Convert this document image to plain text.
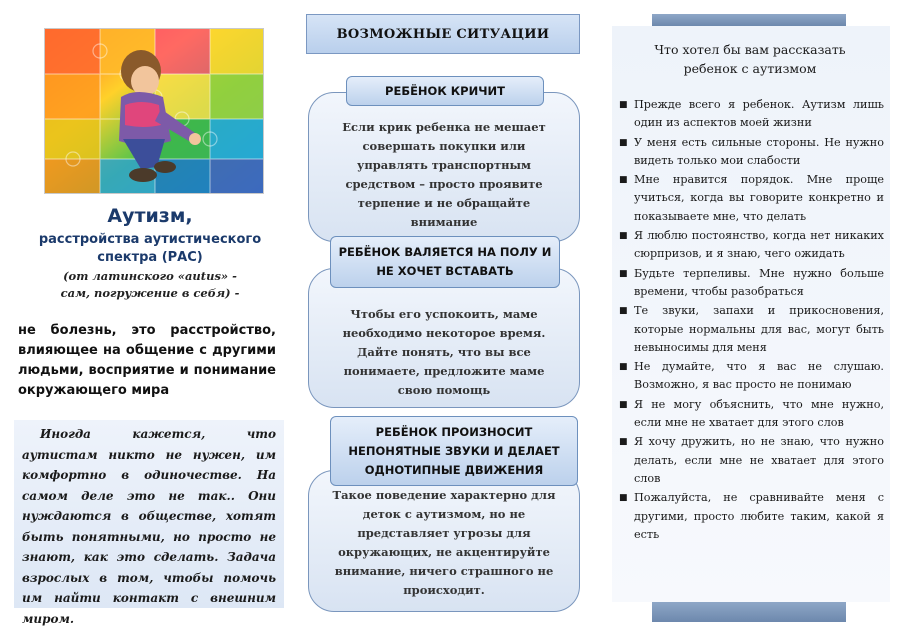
Аутизм,
расстройства аутистического
спектра (РАС)
(от латинского «autus» -
сам, погружение в себя) -
не болезнь, это расстройство, влияющее на общение с другими людьми, восприятие и понимание окружающего мира
Иногда кажется, что аутистам никто не нужен, им комфортно в одиночестве. На самом деле это не так.. Они нуждаются в обществе, хотят быть понятными, но просто не знают, как это сделать. Задача взрослых в том, чтобы помочь им найти контакт с внешним миром.
ВОЗМОЖНЫЕ СИТУАЦИИ
Если крик ребенка не мешает совершать покупки или управлять транспортным средством – просто проявите терпение и не обращайте внимание
РЕБЁНОК КРИЧИТ
Чтобы его успокоить, маме необходимо некоторое время. Дайте понять, что вы все понимаете, предложите маме свою помощь
РЕБЁНОК ВАЛЯЕТСЯ НА ПОЛУ И НЕ ХОЧЕТ ВСТАВАТЬ
Такое поведение характерно для деток с аутизмом, но не представляет угрозы для окружающих, не акцентируйте внимание, ничего страшного не происходит.
РЕБЁНОК ПРОИЗНОСИТ НЕПОНЯТНЫЕ ЗВУКИ И ДЕЛАЕТ ОДНОТИПНЫЕ ДВИЖЕНИЯ
Что хотел бы вам рассказать ребенок с аутизмом
■ Прежде всего я ребенок. Аутизм лишь один из аспектов моей жизни
■ У меня есть сильные стороны. Не нужно видеть только мои слабости
■ Мне нравится порядок. Мне проще учиться, когда вы говорите конкретно и показываете мне, что делать
■ Я люблю постоянство, когда нет никаких сюрпризов, и я знаю, чего ожидать
■ Будьте терпеливы. Мне нужно больше времени, чтобы разобраться
■ Те звуки, запахи и прикосновения, которые нормальны для вас, могут быть невыносимы для меня
■ Не думайте, что я вас не слушаю. Возможно, я вас просто не понимаю
■ Я не могу объяснить, что мне нужно, если мне не хватает для этого слов
■ Я хочу дружить, но не знаю, что нужно делать, если мне не хватает для этого слов
■ Пожалуйста, не сравнивайте меня с другими, просто любите таким, какой я есть
